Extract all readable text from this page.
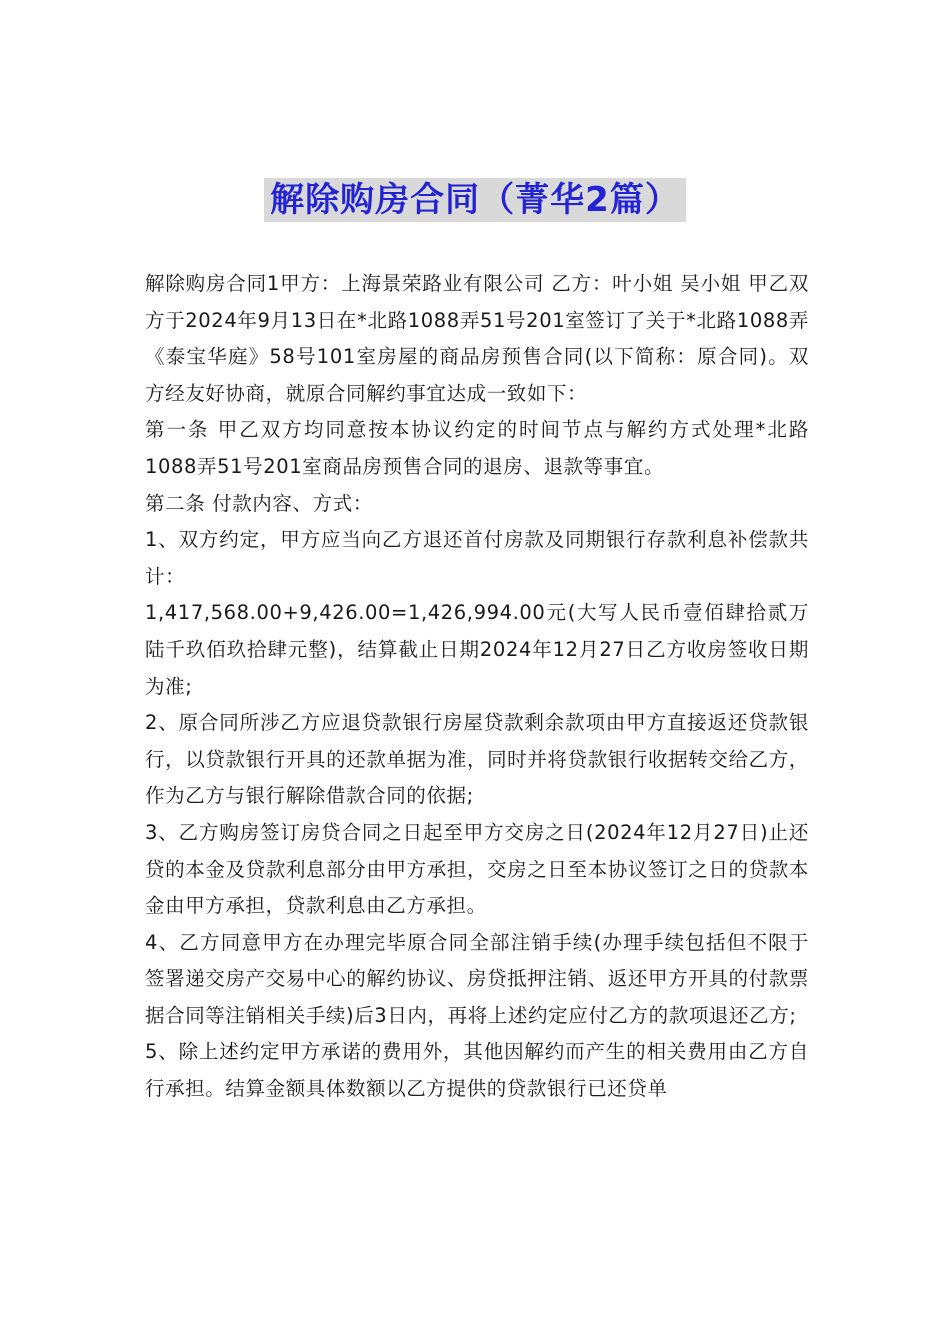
解除购房合同（菁华2篇）

解除购房合同1甲方：上海景荣路业有限公司 乙方：叶小姐 吴小姐 甲乙双方于2024年9月13日在*北路1088弄51号201室签订了关于*北路1088弄《泰宝华庭》58号101室房屋的商品房预售合同(以下简称：原合同)。双方经友好协商，就原合同解约事宜达成一致如下：

第一条 甲乙双方均同意按本协议约定的时间节点与解约方式处理*北路1088弄51号201室商品房预售合同的退房、退款等事宜。

第二条 付款内容、方式：

1、双方约定，甲方应当向乙方退还首付房款及同期银行存款利息补偿款共计：

1,417,568.00+9,426.00=1,426,994.00元(大写人民币壹佰肆拾贰万陆千玖佰玖拾肆元整)，结算截止日期2024年12月27日乙方收房签收日期为准;

2、原合同所涉乙方应退贷款银行房屋贷款剩余款项由甲方直接返还贷款银行，以贷款银行开具的还款单据为准，同时并将贷款银行收据转交给乙方，作为乙方与银行解除借款合同的依据;

3、乙方购房签订房贷合同之日起至甲方交房之日(2024年12月27日)止还贷的本金及贷款利息部分由甲方承担，交房之日至本协议签订之日的贷款本金由甲方承担，贷款利息由乙方承担。

4、乙方同意甲方在办理完毕原合同全部注销手续(办理手续包括但不限于签署递交房产交易中心的解约协议、房贷抵押注销、返还甲方开具的付款票据合同等注销相关手续)后3日内，再将上述约定应付乙方的款项退还乙方;

5、除上述约定甲方承诺的费用外，其他因解约而产生的相关费用由乙方自行承担。结算金额具体数额以乙方提供的贷款银行已还贷单
